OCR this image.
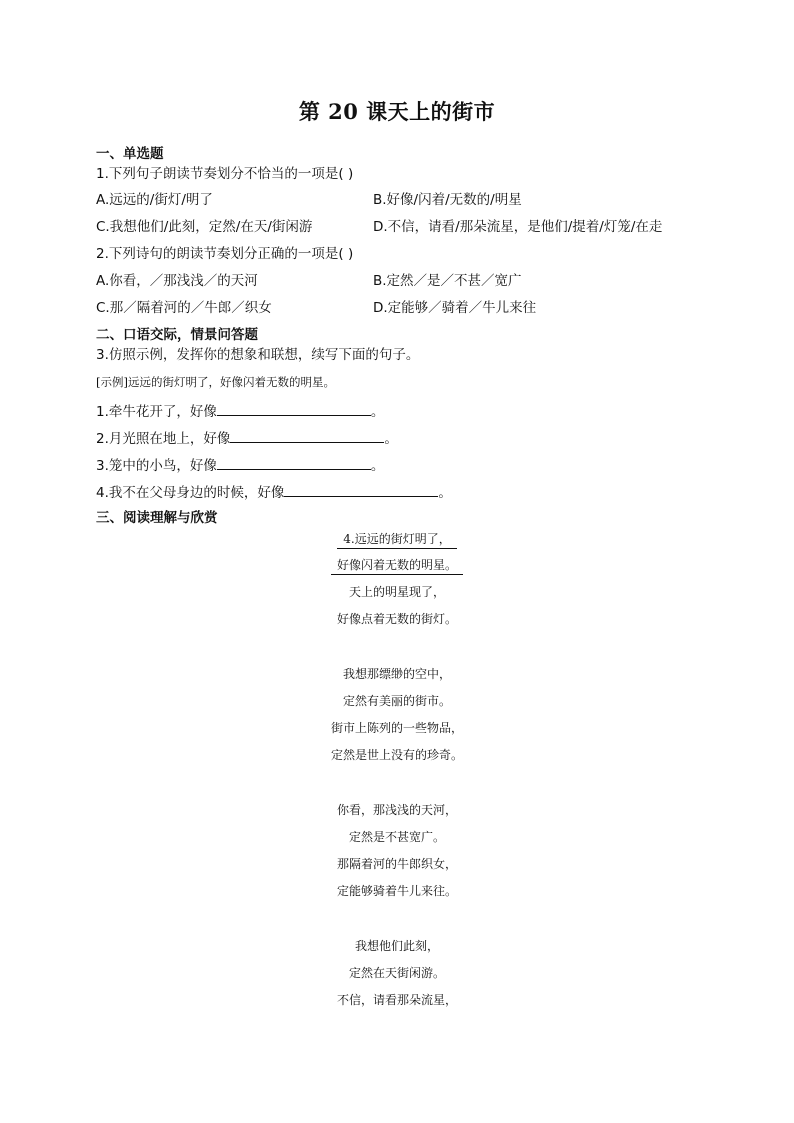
第 20 课天上的街市
一、单选题
1.下列句子朗读节奏划分不恰当的一项是( )
A.远远的/街灯/明了	B.好像/闪着/无数的/明星
C.我想他们/此刻，定然/在天/街闲游	D.不信，请看/那朵流星，是他们/提着/灯笼/在走
2.下列诗句的朗读节奏划分正确的一项是( )
A.你看，／那浅浅／的天河	B.定然／是／不甚／宽广
C.那／隔着河的／牛郎／织女	D.定能够／骑着／牛儿来往
二、口语交际，情景问答题
3.仿照示例，发挥你的想象和联想，续写下面的句子。
[示例]远远的街灯明了，好像闪着无数的明星。
1.牵牛花开了，好像	。
2.月光照在地上，好像	。
3.笼中的小鸟，好像	。
4.我不在父母身边的时候，好像	。
三、阅读理解与欣赏
4.远远的街灯明了，
好像闪着无数的明星。
天上的明星现了，
好像点着无数的街灯。
我想那缥缈的空中，
定然有美丽的街市。
街市上陈列的一些物品，
定然是世上没有的珍奇。
你看，那浅浅的天河，
定然是不甚宽广。
那隔着河的牛郎织女，
定能够骑着牛儿来往。
我想他们此刻，
定然在天街闲游。
不信，请看那朵流星，
